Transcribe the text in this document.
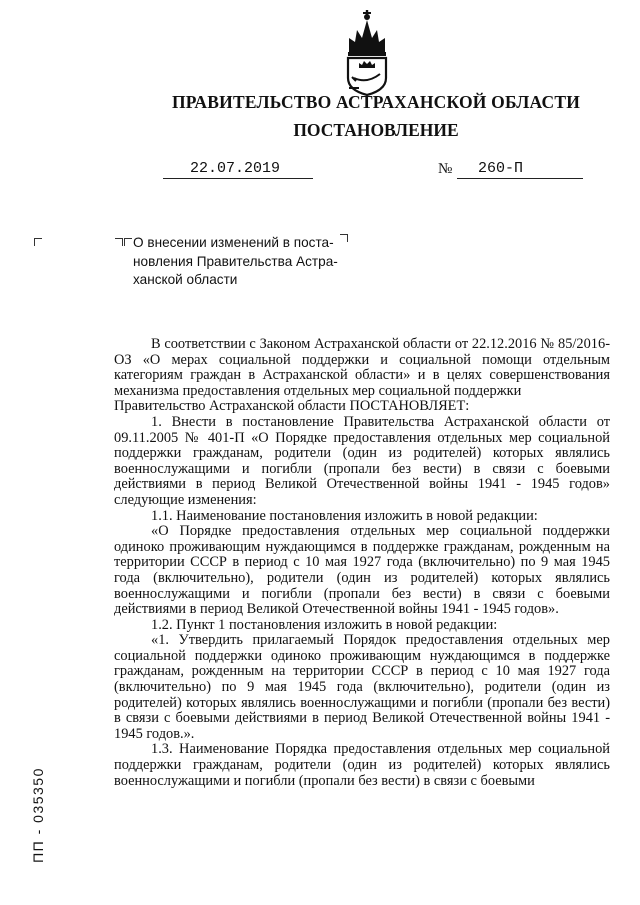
ПРАВИТЕЛЬСТВО АСТРАХАНСКОЙ ОБЛАСТИ
ПОСТАНОВЛЕНИЕ
22.07.2019	№ 260-П
О внесении изменений в поста-
новления Правительства Астра-
ханской области

В соответствии с Законом Астраханской области от 22.12.2016 № 85/2016-ОЗ «О мерах социальной поддержки и социальной помощи отдельным категориям граждан в Астраханской области» и в целях совершенствования механизма предоставления отдельных мер социальной поддержки

Правительство Астраханской области ПОСТАНОВЛЯЕТ:

1. Внести в постановление Правительства Астраханской области от 09.11.2005 № 401-П «О Порядке предоставления отдельных мер социальной поддержки гражданам, родители (один из родителей) которых являлись военнослужащими и погибли (пропали без вести) в связи с боевыми действиями в период Великой Отечественной войны 1941 - 1945 годов» следующие изменения:

1.1. Наименование постановления изложить в новой редакции:

«О Порядке предоставления отдельных мер социальной поддержки одиноко проживающим нуждающимся в поддержке гражданам, рожденным на территории СССР в период с 10 мая 1927 года (включительно) по 9 мая 1945 года (включительно), родители (один из родителей) которых являлись военнослужащими и погибли (пропали без вести) в связи с боевыми действиями в период Великой Отечественной войны 1941 - 1945 годов».

1.2. Пункт 1 постановления изложить в новой редакции:

«1. Утвердить прилагаемый Порядок предоставления отдельных мер социальной поддержки одиноко проживающим нуждающимся в поддержке гражданам, рожденным на территории СССР в период с 10 мая 1927 года (включительно) по 9 мая 1945 года (включительно), родители (один из родителей) которых являлись военнослужащими и погибли (пропали без вести) в связи с боевыми действиями в период Великой Отечественной войны 1941 - 1945 годов.».

1.3. Наименование Порядка предоставления отдельных мер социальной поддержки гражданам, родители (один из родителей) которых являлись военнослужащими и погибли (пропали без вести) в связи с боевыми

ПП - 035350
